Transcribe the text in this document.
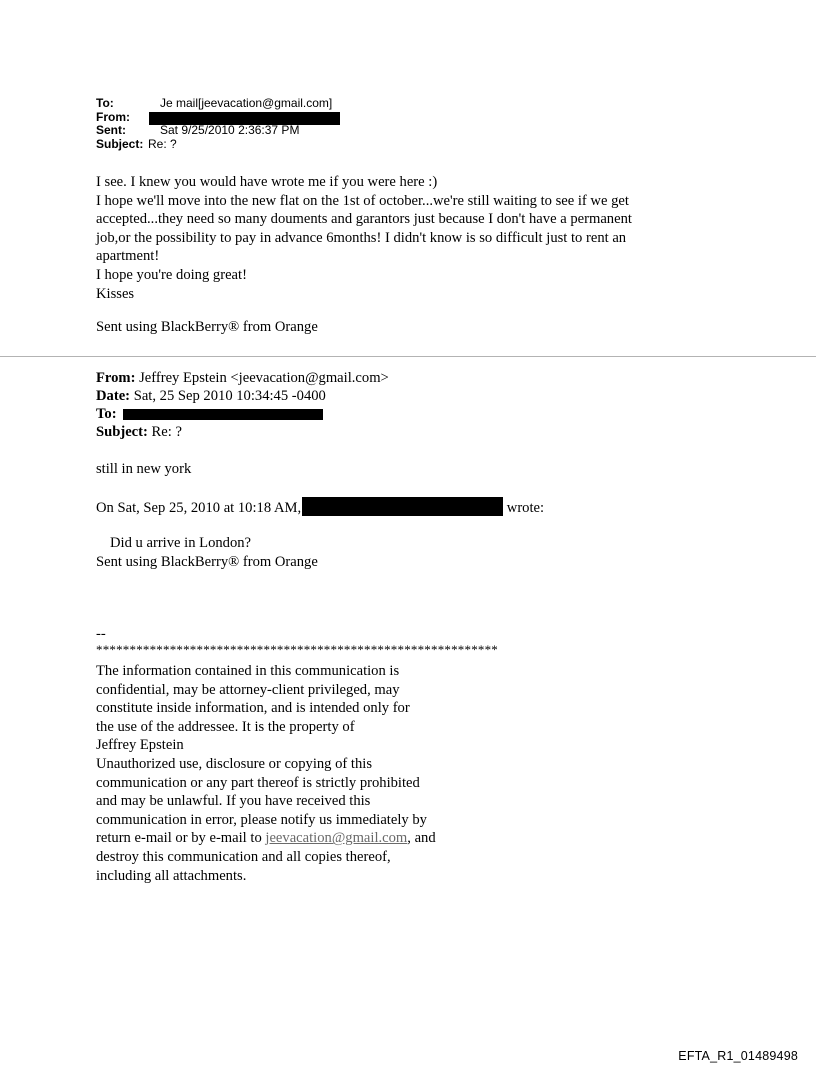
To:	Je mail[jeevacation@gmail.com]
From:
Sent:	Sat 9/25/2010 2:36:37 PM
Subject: Re: ?
I see. I knew you would have wrote me if you were here :)
I hope we'll move into the new flat on the 1st of october...we're still waiting to see if we get
accepted...they need so many douments and garantors just because I don't have a permanent
job,or the possibility to pay in advance 6months! I didn't know is so difficult just to rent an
apartment!
I hope you're doing great!
Kisses
Sent using BlackBerry® from Orange
From: Jeffrey Epstein <jeevacation@gmail.com>
Date: Sat, 25 Sep 2010 10:34:45 -0400
To:
Subject: Re: ?
still in new york
On Sat, Sep 25, 2010 at 10:18 AM,	wrote:
Did u arrive in London?
Sent using BlackBerry® from Orange
--
************************************************************
The information contained in this communication is
confidential, may be attorney-client privileged, may
constitute inside information, and is intended only for
the use of the addressee. It is the property of
Jeffrey Epstein
Unauthorized use, disclosure or copying of this
communication or any part thereof is strictly prohibited
and may be unlawful. If you have received this
communication in error, please notify us immediately by
return e-mail or by e-mail to jeevacation@gmail.com, and
destroy this communication and all copies thereof,
including all attachments.
EFTA_R1_01489498
